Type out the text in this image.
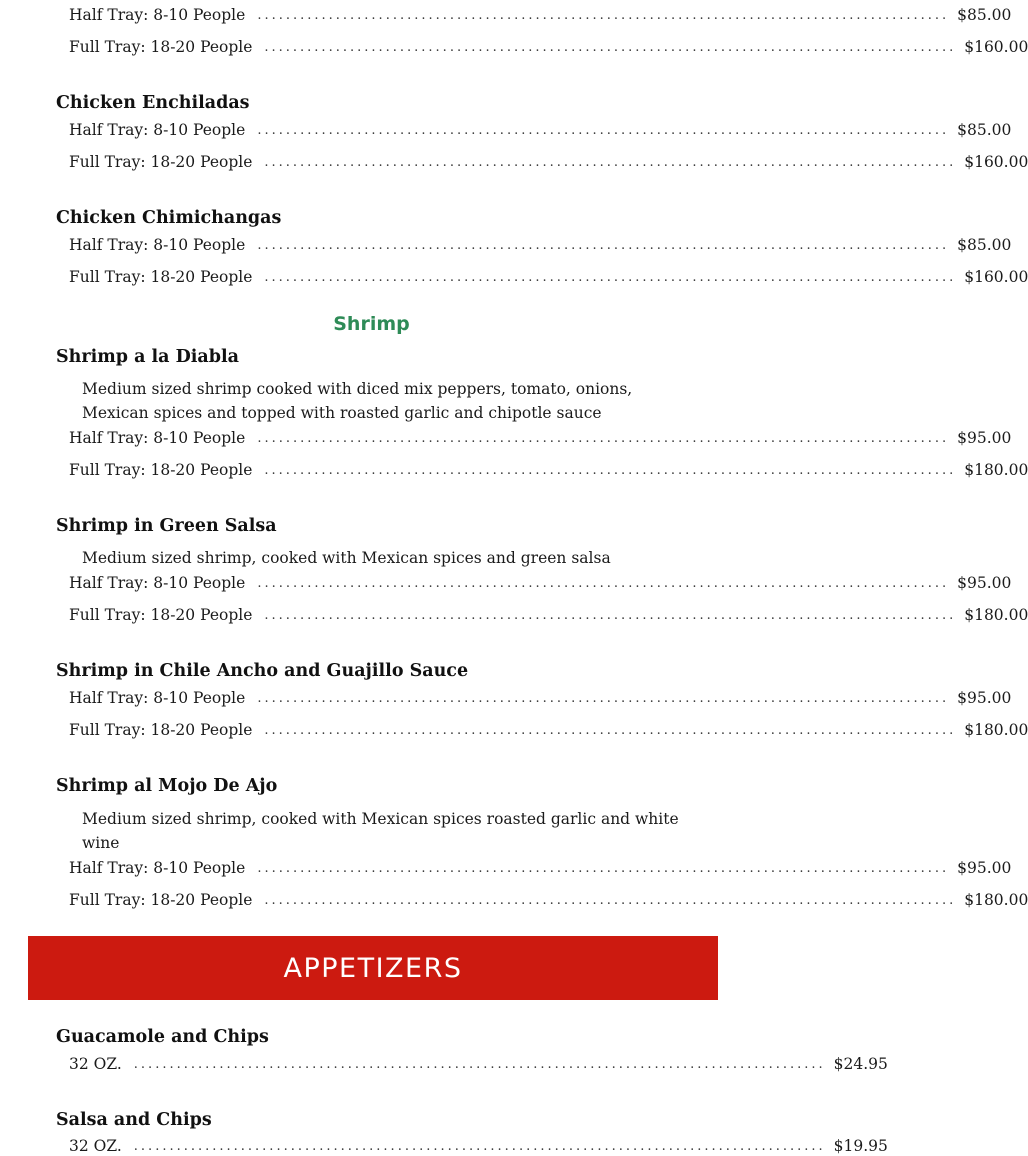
Half Tray: 8-10 People ................................................................................................. $85.00
Full Tray: 18-20 People ................................................................................................. $160.00
Chicken Enchiladas
Half Tray: 8-10 People ................................................................................................. $85.00
Full Tray: 18-20 People ................................................................................................. $160.00
Chicken Chimichangas
Half Tray: 8-10 People ................................................................................................. $85.00
Full Tray: 18-20 People ................................................................................................. $160.00
Shrimp
Shrimp a la Diabla
Medium sized shrimp cooked with diced mix peppers, tomato, onions, Mexican spices and topped with roasted garlic and chipotle sauce
Half Tray: 8-10 People ................................................................................................. $95.00
Full Tray: 18-20 People ................................................................................................. $180.00
Shrimp in Green Salsa
Medium sized shrimp, cooked with Mexican spices and green salsa
Half Tray: 8-10 People ................................................................................................. $95.00
Full Tray: 18-20 People ................................................................................................. $180.00
Shrimp in Chile Ancho and Guajillo Sauce
Half Tray: 8-10 People ................................................................................................. $95.00
Full Tray: 18-20 People ................................................................................................. $180.00
Shrimp al Mojo De Ajo
Medium sized shrimp, cooked with Mexican spices roasted garlic and white wine
Half Tray: 8-10 People ................................................................................................. $95.00
Full Tray: 18-20 People ................................................................................................. $180.00
APPETIZERS
Guacamole and Chips
32 OZ. ................................................................................................. $24.95
Salsa and Chips
32 OZ. ................................................................................................. $19.95
